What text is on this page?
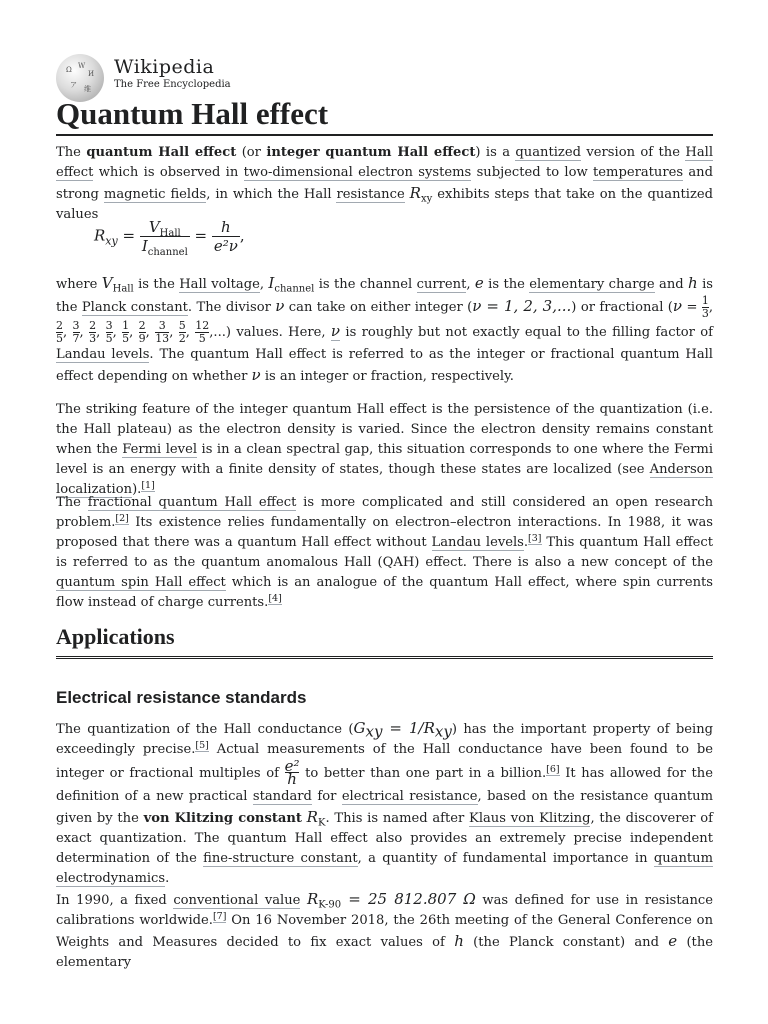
Ω W
И
ア 维
Wikipedia
The Free Encyclopedia
Quantum Hall effect

The quantum Hall effect (or integer quantum Hall effect) is a quantized version of the Hall effect which is observed in two-dimensional electron systems subjected to low temperatures and strong magnetic fields, in which the Hall resistance $R_{xy}$ exhibits steps that take on the quantized values

$R_{xy} = \frac{V_{Hall}}{I_{channel}} = \frac{h}{\text{e²ν}}$ ,

where $V_{Hall}$ is the Hall voltage, $I_{channel}$ is the channel current, e is the elementary charge and h is the Planck constant. The divisor ν can take on either integer (ν = 1, 2, 3,...) or fractional ($\nu = \frac{1}{3}$,
$\frac{2}{5}$, $\frac{3}{7}$, $\frac{2}{3}$, $\frac{3}{5}$, $\frac{1}{5}$, $\frac{2}{9}$, $\frac{3}{13}$, $\frac{5}{2}$, $\frac{12}{5}$,...) values. Here, ν is roughly but not exactly equal to the filling factor of Landau levels. The quantum Hall effect is referred to as the integer or fractional quantum Hall effect depending on whether ν is an integer or fraction, respectively.

The striking feature of the integer quantum Hall effect is the persistence of the quantization (i.e. the Hall plateau) as the electron density is varied. Since the electron density remains constant when the Fermi level is in a clean spectral gap, this situation corresponds to one where the Fermi level is an energy with a finite density of states, though these states are localized (see Anderson localization).[1]

The fractional quantum Hall effect is more complicated and still considered an open research problem.[2] Its existence relies fundamentally on electron–electron interactions. In 1988, it was proposed that there was a quantum Hall effect without Landau levels.[3] This quantum Hall effect is referred to as the quantum anomalous Hall (QAH) effect. There is also a new concept of the quantum spin Hall effect which is an analogue of the quantum Hall effect, where spin currents flow instead of charge currents.[4]

Applications
Electrical resistance standards

The quantization of the Hall conductance $(G_{xy} = 1/R_{xy})$ has the important property of being exceedingly precise.[5] Actual measurements of the Hall conductance have been found to be integer or fractional multiples of $\frac{\text{e²}}{h}$ to better than one part in a billion.[6] It has allowed for the definition of a new practical standard for electrical resistance, based on the resistance quantum given by the von Klitzing constant $R_K$. This is named after Klaus von Klitzing, the discoverer of exact quantization. The quantum Hall effect also provides an extremely precise independent determination of the fine-structure constant, a quantity of fundamental importance in quantum electrodynamics.

In 1990, a fixed conventional value $R_{K-90} = 25$ 812.807 Ω was defined for use in resistance calibrations worldwide.[7] On 16 November 2018, the 26th meeting of the General Conference on Weights and Measures decided to fix exact values of h (the Planck constant) and e (the elementary
